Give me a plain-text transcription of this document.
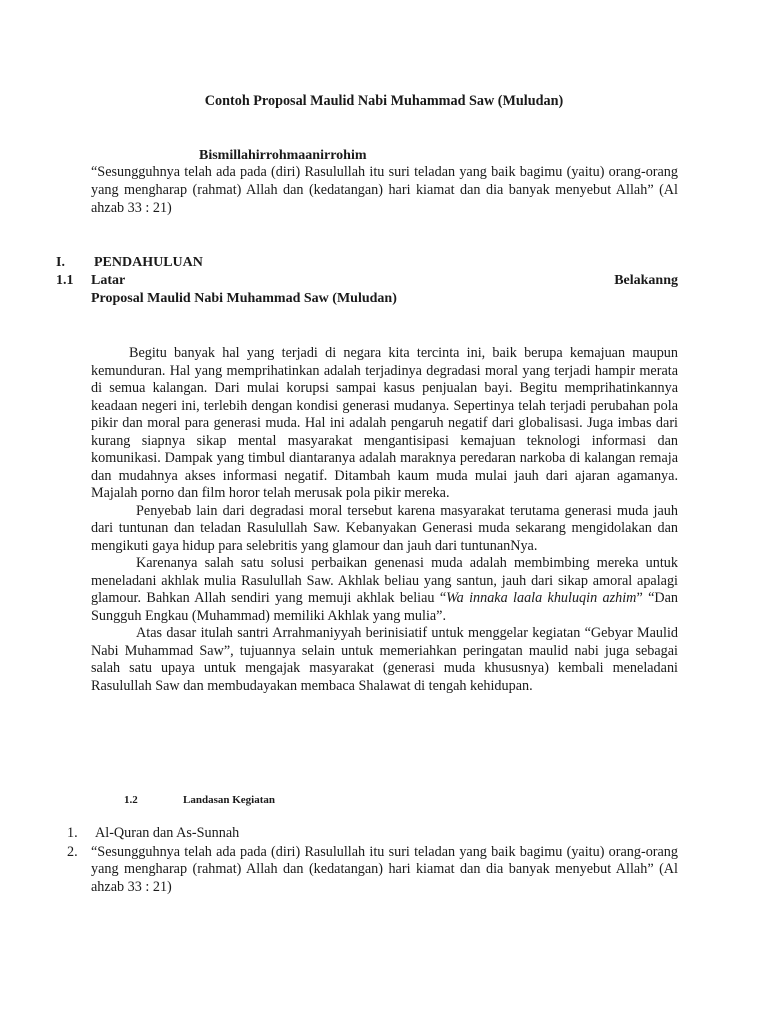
Contoh Proposal Maulid Nabi Muhammad Saw (Muludan)
Bismillahirrohmaanirrohim
“Sesungguhnya telah ada pada (diri) Rasulullah itu suri teladan yang baik bagimu (yaitu) orang-orang yang mengharap (rahmat) Allah dan (kedatangan) hari kiamat dan dia banyak menyebut Allah” (Al ahzab 33 : 21)
I. PENDAHULUAN
1.1 Latar	Belakanng
Proposal Maulid Nabi Muhammad Saw (Muludan)

Begitu banyak hal yang terjadi di negara kita tercinta ini, baik berupa kemajuan maupun kemunduran. Hal yang memprihatinkan adalah terjadinya degradasi moral yang terjadi hampir merata di semua kalangan. Dari mulai korupsi sampai kasus penjualan bayi. Begitu memprihatinkannya keadaan negeri ini, terlebih dengan kondisi generasi mudanya. Sepertinya telah terjadi perubahan pola pikir dan moral para generasi muda. Hal ini adalah pengaruh negatif dari globalisasi. Juga imbas dari kurang siapnya sikap mental masyarakat mengantisipasi kemajuan teknologi informasi dan komunikasi. Dampak yang timbul diantaranya adalah maraknya peredaran narkoba di kalangan remaja dan mudahnya akses informasi negatif. Ditambah kaum muda mulai jauh dari ajaran agamanya. Majalah porno dan film horor telah merusak pola pikir mereka.

Penyebab lain dari degradasi moral tersebut karena masyarakat terutama generasi muda jauh dari tuntunan dan teladan Rasulullah Saw. Kebanyakan Generasi muda sekarang mengidolakan dan mengikuti gaya hidup para selebritis yang glamour dan jauh dari tuntunanNya.

Karenanya salah satu solusi perbaikan genenasi muda adalah membimbing mereka untuk meneladani akhlak mulia Rasulullah Saw. Akhlak beliau yang santun, jauh dari sikap amoral apalagi glamour. Bahkan Allah sendiri yang memuji akhlak beliau “Wa innaka laala khuluqin azhim” “Dan Sungguh Engkau (Muhammad) memiliki Akhlak yang mulia”.

Atas dasar itulah santri Arrahmaniyyah berinisiatif untuk menggelar kegiatan “Gebyar Maulid Nabi Muhammad Saw”, tujuannya selain untuk memeriahkan peringatan maulid nabi juga sebagai salah satu upaya untuk mengajak masyarakat (generasi muda khususnya) kembali meneladani Rasulullah Saw dan membudayakan membaca Shalawat di tengah kehidupan.

1.2	Landasan Kegiatan
1. Al-Quran dan As-Sunnah
2. “Sesungguhnya telah ada pada (diri) Rasulullah itu suri teladan yang baik bagimu (yaitu) orang-orang yang mengharap (rahmat) Allah dan (kedatangan) hari kiamat dan dia banyak menyebut Allah” (Al ahzab 33 : 21)
